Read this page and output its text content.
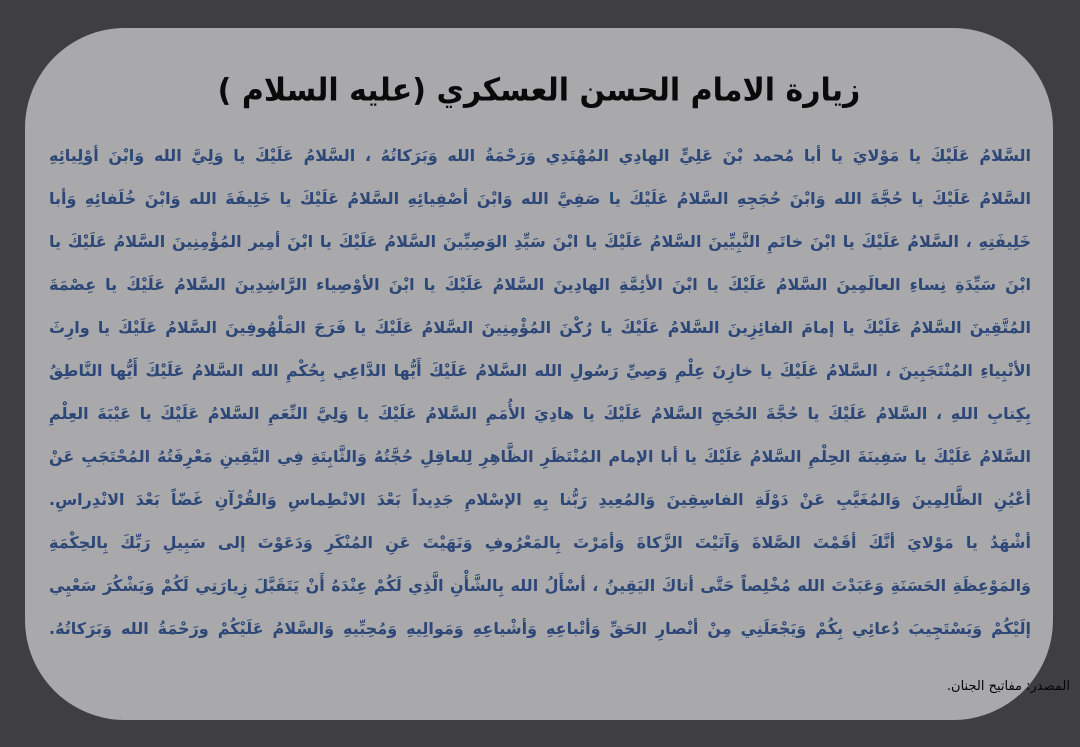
زيارة الامام الحسن العسكري (عليه السلام )
السَّلامُ عَلَيْكَ يا مَوْلايَ يا أبا مُحمد بْنَ عَلِيٍّ الهادِي المُهْتَدِي وَرَحْمَةُ الله وَبَرَكاتُهُ ، السَّلامُ عَلَيْكَ يا وَلِيَّ الله وَابْنَ أوْلِيائِهِ
السَّلامُ عَلَيْكَ يا حُجَّةَ الله وَابْنَ حُجَجِهِ السَّلامُ عَلَيْكَ يا صَفِيَّ الله وَابْنَ أصْفِيائِهِ السَّلامُ عَلَيْكَ يا خَلِيفَةَ الله وَابْنَ خُلَفائِهِ وَأبا
خَلِيفَتِهِ ، السَّلامُ عَلَيْكَ يا ابْنَ خاتَمِ النَّبِيِّينَ السَّلامُ عَلَيْكَ يا ابْنَ سَيِّدِ الوَصِيِّينَ السَّلامُ عَلَيْكَ يا ابْنَ أمِير المُؤْمِنِينَ السَّلامُ عَلَيْكَ يا
ابْنَ سَيِّدَةِ نِساءِ العالَمِينَ السَّلامُ عَلَيْكَ يا ابْنَ الأئِمَّةِ الهادِينَ السَّلامُ عَلَيْكَ يا ابْنَ الأوْصِياء الرَّاشِدِينَ السَّلامُ عَلَيْكَ يا عِصْمَةَ
المُتَّقِينَ السَّلامُ عَلَيْكَ يا إمامَ الفائِزِينَ السَّلامُ عَلَيْكَ يا رُكْنَ المُؤْمِنِينَ السَّلامُ عَلَيْكَ يا فَرَجَ المَلْهُوفِينَ السَّلامُ عَلَيْكَ يا وارِثَ
الأنْبِياءِ المُنْتَجَبِينَ ، السَّلامُ عَلَيْكَ يا خازِنَ عِلْمِ وَصِيِّ رَسُولِ الله السَّلامُ عَلَيْكَ أَيُّها الدَّاعِي بِحُكْمِ الله السَّلامُ عَلَيْكَ أَيُّها النَّاطِقُ
بِكِتابِ اللهِ ، السَّلامُ عَلَيْكَ يا حُجَّةَ الحُجَجِ السَّلامُ عَلَيْكَ يا هادِيَ الأُمَمِ السَّلامُ عَلَيْكَ يا وَلِيَّ النِّعَمِ السَّلامُ عَلَيْكَ يا عَيْبَةَ العِلْمِ
السَّلامُ عَلَيْكَ يا سَفِينَةَ الحِلْمِ السَّلامُ عَلَيْكَ يا أبا الإمام المُنْتَظَرِ الظَّاهِرِ لِلعاقِلِ حُجَّتُهُ وَالثَّابِتَةِ فِي اليَّقِينِ مَعْرِفَتُهُ المُحْتَجَبِ عَنْ
أعْيُنِ الظَّالِمِينَ وَالمُغَيَّبِ عَنْ دَوْلَةِ الفاسِقِينَ وَالمُعِيدِ رَبُّنا بِهِ الإسْلامِ جَدِيداً بَعْدَ الانْطِماسِ وَالقُرْآنِ غَضّاً بَعْدَ الانْدِراسِ.
أشْهَدُ يا مَوْلايَ أنَّكَ أقَمْتَ الصَّلاةَ وَآتَيْتَ الزَّكاةَ وَأمَرْتَ بِالمَعْرُوفِ وَنَهَيْتَ عَنِ المُنْكَرِ وَدَعَوْتَ إلى سَبِيلِ رَبِّكَ بِالحِكْمَةِ
وَالمَوْعِظَةِ الحَسَنَةِ وَعَبَدْتَ الله مُخْلِصاً حَتَّى أتاكَ اليَقِينُ ، أسْأَلُ الله بِالشَّأْنِ الَّذِي لَكُمْ عِنْدَهُ أَنْ يَتَقَبَّلَ زِيارَتِي لَكُمْ وَيَشْكُرَ سَعْيِي
إلَيْكُمْ وَيَسْتَجِيبَ دُعائِي بِكُمْ وَيَجْعَلَنِي مِنْ أنْصارِ الحَقِّ وَأتْباعِهِ وَأشْياعِهِ وَمَوالِيهِ وَمُحِبِّيهِ وَالسَّلامُ عَلَيْكُمْ ورَحْمَةُ الله وَبَرَكاتُهُ.
المصدر: مفاتيح الجنان.
